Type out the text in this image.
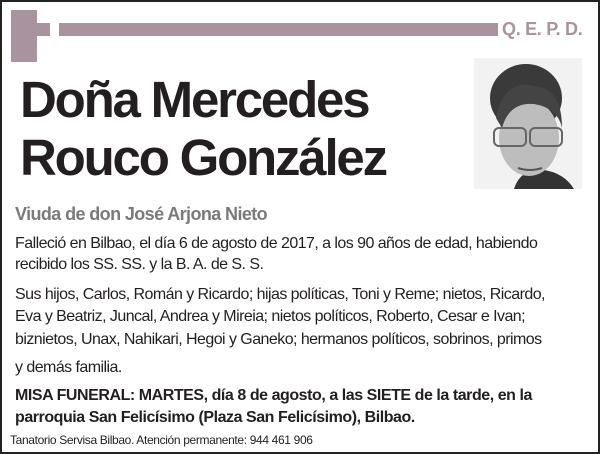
Q. E. P. D.
Doña Mercedes
Rouco González
Viuda de don José Arjona Nieto
Falleció en Bilbao, el día 6 de agosto de 2017, a los 90 años de edad, habiendo
recibido los SS. SS. y la B. A. de S. S.
Sus hijos, Carlos, Román y Ricardo; hijas políticas, Toni y Reme; nietos, Ricardo,
Eva y Beatriz, Juncal, Andrea y Mireia; nietos políticos, Roberto, Cesar e Ivan;
biznietos, Unax, Nahikari, Hegoi y Ganeko; hermanos políticos, sobrinos, primos
y demás familia.
MISA FUNERAL: MARTES, día 8 de agosto, a las SIETE de la tarde, en la
parroquia San Felicísimo (Plaza San Felicísimo), Bilbao.
Tanatorio Servisa Bilbao. Atención permanente: 944 461 906
